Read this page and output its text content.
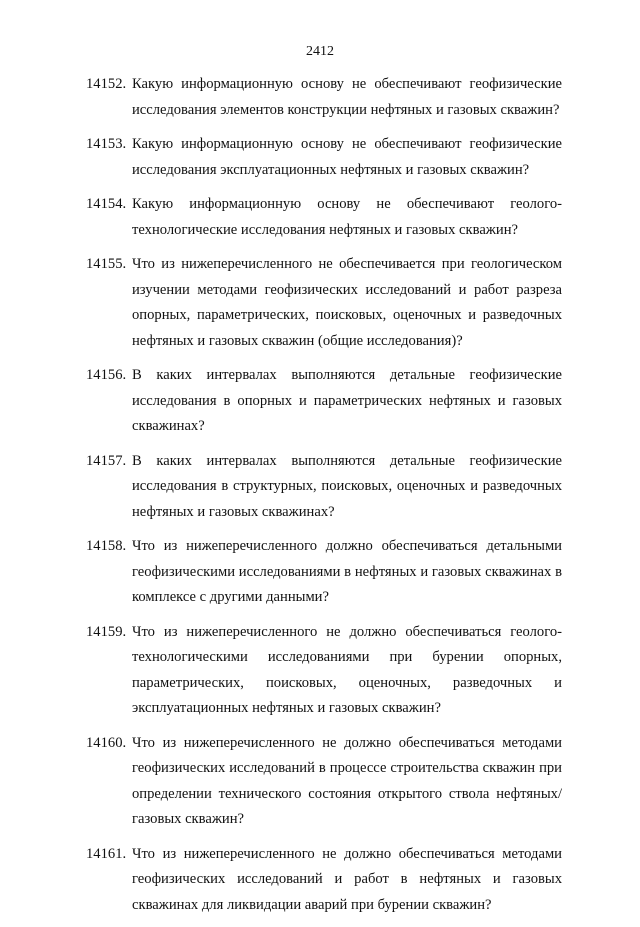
2412
14152. Какую информационную основу не обеспечивают геофизические исследования элементов конструкции нефтяных и газовых скважин?
14153. Какую информационную основу не обеспечивают геофизические исследования эксплуатационных нефтяных и газовых скважин?
14154. Какую информационную основу не обеспечивают геолого-технологические исследования нефтяных и газовых скважин?
14155. Что из нижеперечисленного не обеспечивается при геологическом изучении методами геофизических исследований и работ разреза опорных, параметрических, поисковых, оценочных и разведочных нефтяных и газовых скважин (общие исследования)?
14156. В каких интервалах выполняются детальные геофизические исследования в опорных и параметрических нефтяных и газовых скважинах?
14157. В каких интервалах выполняются детальные геофизические исследования в структурных, поисковых, оценочных и разведочных нефтяных и газовых скважинах?
14158. Что из нижеперечисленного должно обеспечиваться детальными геофизическими исследованиями в нефтяных и газовых скважинах в комплексе с другими данными?
14159. Что из нижеперечисленного не должно обеспечиваться геолого-технологическими исследованиями при бурении опорных, параметрических, поисковых, оценочных, разведочных и эксплуатационных нефтяных и газовых скважин?
14160. Что из нижеперечисленного не должно обеспечиваться методами геофизических исследований в процессе строительства скважин при определении технического состояния открытого ствола нефтяных/газовых скважин?
14161. Что из нижеперечисленного не должно обеспечиваться методами геофизических исследований и работ в нефтяных и газовых скважинах для ликвидации аварий при бурении скважин?
